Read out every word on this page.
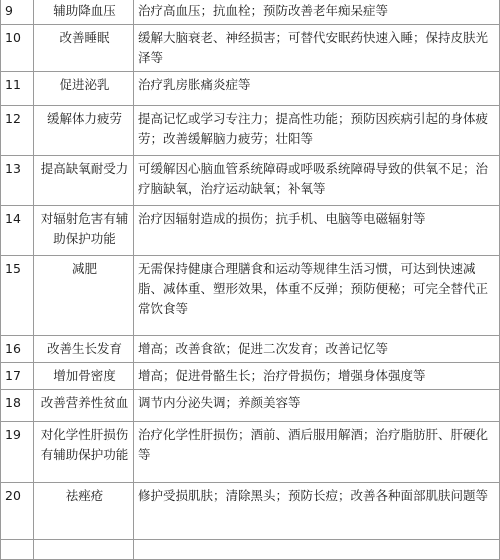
9	辅助降血压	治疗高血压；抗血栓；预防改善老年痴呆症等
10	改善睡眠	缓解大脑衰老、神经损害；可替代安眠药快速入睡；保持皮肤光泽等
11	促进泌乳	治疗乳房胀痛炎症等
12	缓解体力疲劳	提高记忆或学习专注力；提高性功能；预防因疾病引起的身体疲劳；改善缓解脑力疲劳；壮阳等
13	提高缺氧耐受力	可缓解因心脑血管系统障碍或呼吸系统障碍导致的供氧不足；治疗脑缺氧，治疗运动缺氧；补氧等
14	对辐射危害有辅助保护功能	治疗因辐射造成的损伤；抗手机、电脑等电磁辐射等
15	减肥	无需保持健康合理膳食和运动等规律生活习惯，可达到快速减脂、减体重、塑形效果，体重不反弹；预防便秘；可完全替代正常饮食等
16	改善生长发育	增高；改善食欲；促进二次发育；改善记忆等
17	增加骨密度	增高；促进骨骼生长；治疗骨损伤；增强身体强度等
18	改善营养性贫血	调节内分泌失调；养颜美容等
19	对化学性肝损伤有辅助保护功能	治疗化学性肝损伤；酒前、酒后服用解酒；治疗脂肪肝、肝硬化等
20	祛痤疮	修护受损肌肤；清除黑头；预防长痘；改善各种面部肌肤问题等
